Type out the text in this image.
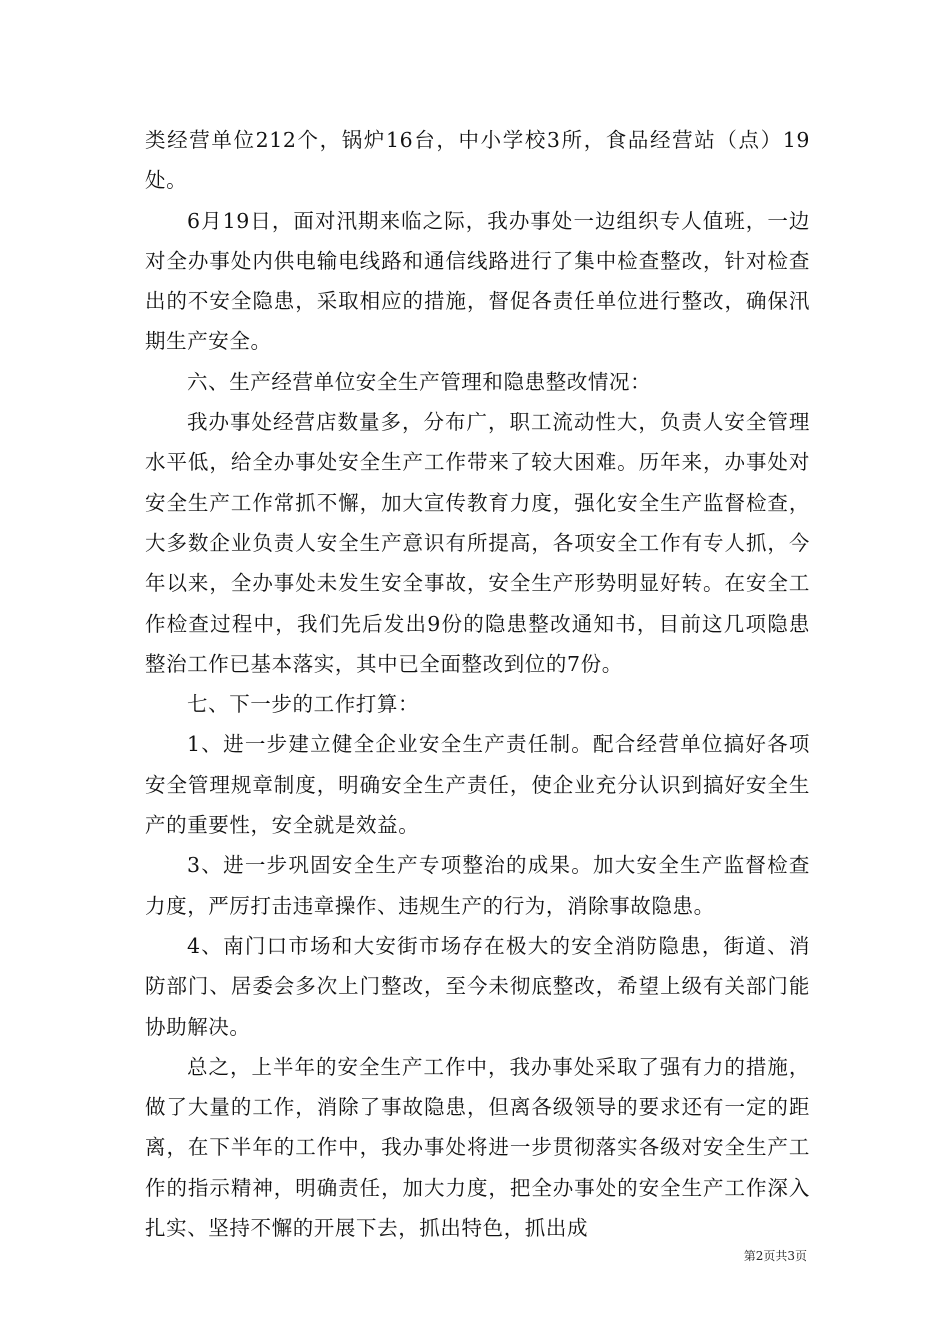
类经营单位212个，锅炉16台，中小学校3所，食品经营站（点）19处。

6月19日，面对汛期来临之际，我办事处一边组织专人值班，一边对全办事处内供电输电线路和通信线路进行了集中检查整改，针对检查出的不安全隐患，采取相应的措施，督促各责任单位进行整改，确保汛期生产安全。

六、生产经营单位安全生产管理和隐患整改情况：

我办事处经营店数量多，分布广，职工流动性大，负责人安全管理水平低，给全办事处安全生产工作带来了较大困难。历年来，办事处对安全生产工作常抓不懈，加大宣传教育力度，强化安全生产监督检查，大多数企业负责人安全生产意识有所提高，各项安全工作有专人抓，今年以来，全办事处未发生安全事故，安全生产形势明显好转。在安全工作检查过程中，我们先后发出9份的隐患整改通知书，目前这几项隐患整治工作已基本落实，其中已全面整改到位的7份。

七、下一步的工作打算：

1、进一步建立健全企业安全生产责任制。配合经营单位搞好各项安全管理规章制度，明确安全生产责任，使企业充分认识到搞好安全生产的重要性，安全就是效益。

3、进一步巩固安全生产专项整治的成果。加大安全生产监督检查力度，严厉打击违章操作、违规生产的行为，消除事故隐患。

4、南门口市场和大安街市场存在极大的安全消防隐患，街道、消防部门、居委会多次上门整改，至今未彻底整改，希望上级有关部门能协助解决。

总之，上半年的安全生产工作中，我办事处采取了强有力的措施，做了大量的工作，消除了事故隐患，但离各级领导的要求还有一定的距离，在下半年的工作中，我办事处将进一步贯彻落实各级对安全生产工作的指示精神，明确责任，加大力度，把全办事处的安全生产工作深入扎实、坚持不懈的开展下去，抓出特色，抓出成

第2页共3页
